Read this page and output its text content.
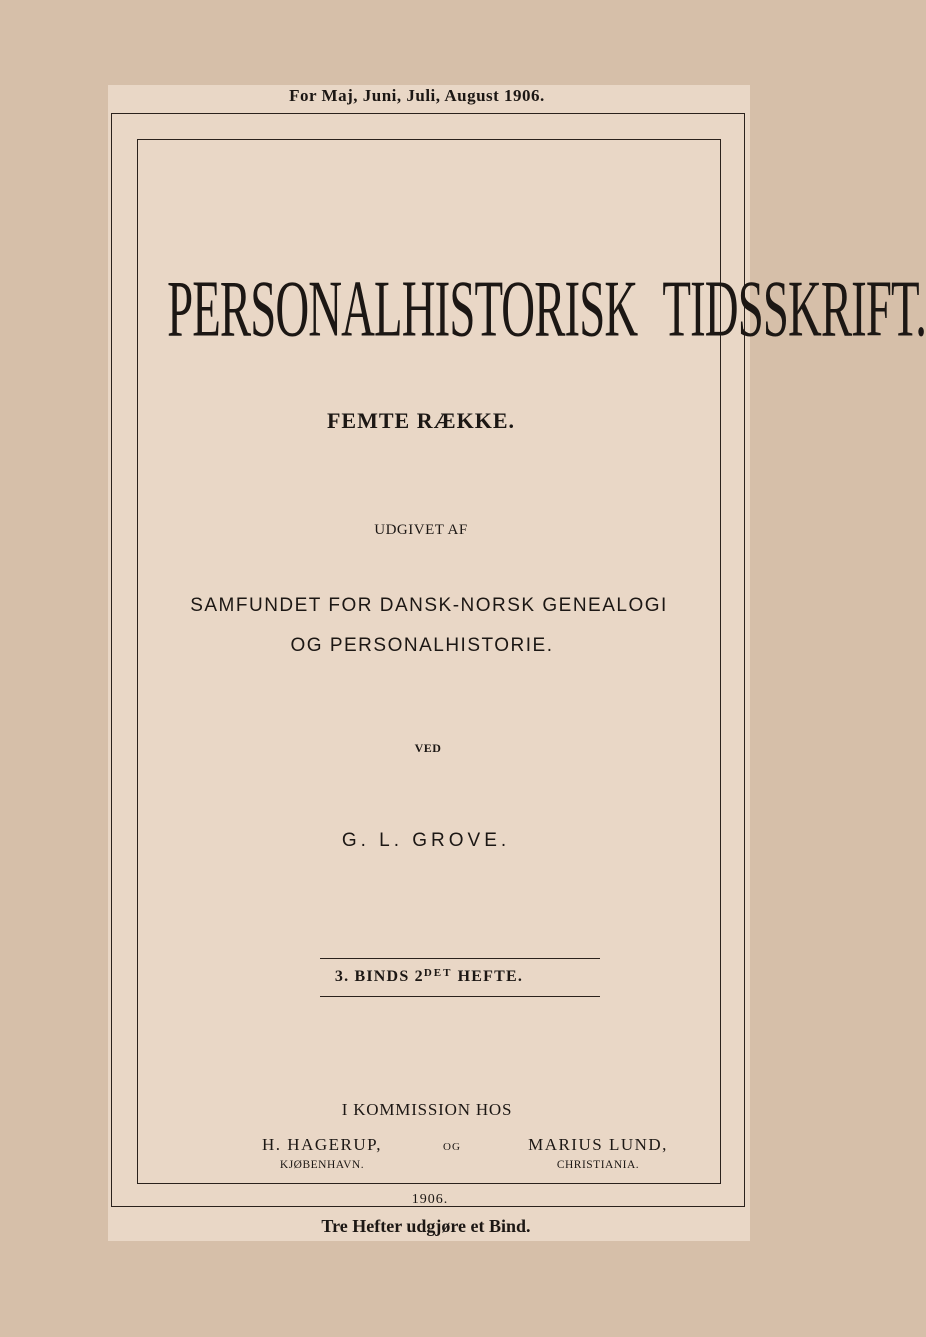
For Maj, Juni, Juli, August 1906.
PERSONALHISTORISK TIDSSKRIFT.
FEMTE RÆKKE.
UDGIVET AF
SAMFUNDET FOR DANSK-NORSK GENEALOGI
OG PERSONALHISTORIE.
VED
G. L. GROVE.
3. BINDS $2^{DET}$ HEFTE.
I KOMMISSION HOS
H. HAGERUP,
KJØBENHAVN.
OG	MARIUS LUND,
CHRISTIANIA.
1906.
Tre Hefter udgjøre et Bind.
